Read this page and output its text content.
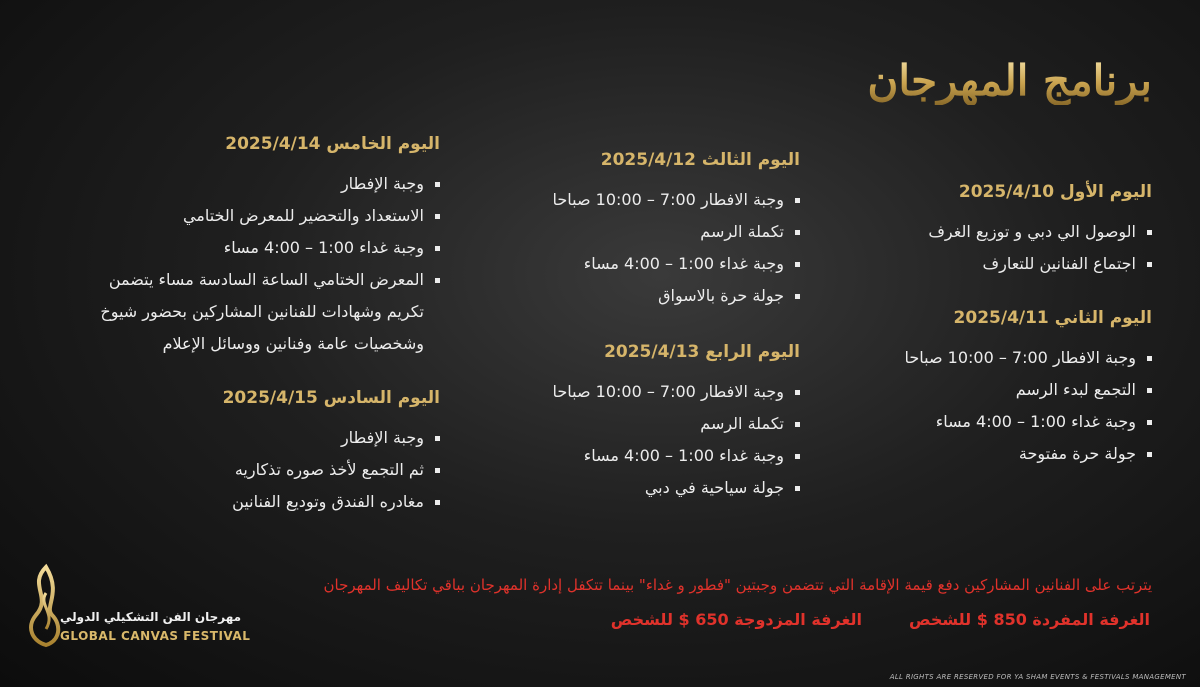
برنامج المهرجان
اليوم الأول 2025/4/10
الوصول الي دبي و توزيع الغرف
اجتماع الفنانين للتعارف
اليوم الثاني 2025/4/11
وجبة الافطار 7:00 – 10:00 صباحا
التجمع لبدء الرسم
وجبة غداء 1:00 – 4:00 مساء
جولة حرة مفتوحة
اليوم الثالث 2025/4/12
وجبة الافطار 7:00 – 10:00 صباحا
تكملة الرسم
وجبة غداء 1:00 – 4:00 مساء
جولة حرة بالاسواق
اليوم الرابع 2025/4/13
وجبة الافطار 7:00 – 10:00 صباحا
تكملة الرسم
وجبة غداء 1:00 – 4:00 مساء
جولة سياحية في دبي
اليوم الخامس 2025/4/14
وجبة الإفطار
الاستعداد والتحضير للمعرض الختامي
وجبة غداء 1:00 – 4:00 مساء
المعرض الختامي الساعة السادسة مساء يتضمن
تكريم وشهادات للفنانين المشاركين بحضور شيوخ
وشخصيات عامة وفنانين ووسائل الإعلام
اليوم السادس 2025/4/15
وجبة الإفطار
ثم التجمع لأخذ صوره تذكاريه
مغادره الفندق وتوديع الفنانين
يترتب على الفنانين المشاركين دفع قيمة الإقامة التي تتضمن وجبتين "فطور و غداء" بينما تتكفل إدارة المهرجان بباقي تكاليف المهرجان
الغرفة المفردة 850 $ للشخص
الغرفة المزدوجة 650 $ للشخص
مهرجان الفن التشكيلي الدولي
GLOBAL CANVAS FESTIVAL
ALL RIGHTS ARE RESERVED FOR YA SHAM EVENTS & FESTIVALS MANAGEMENT
